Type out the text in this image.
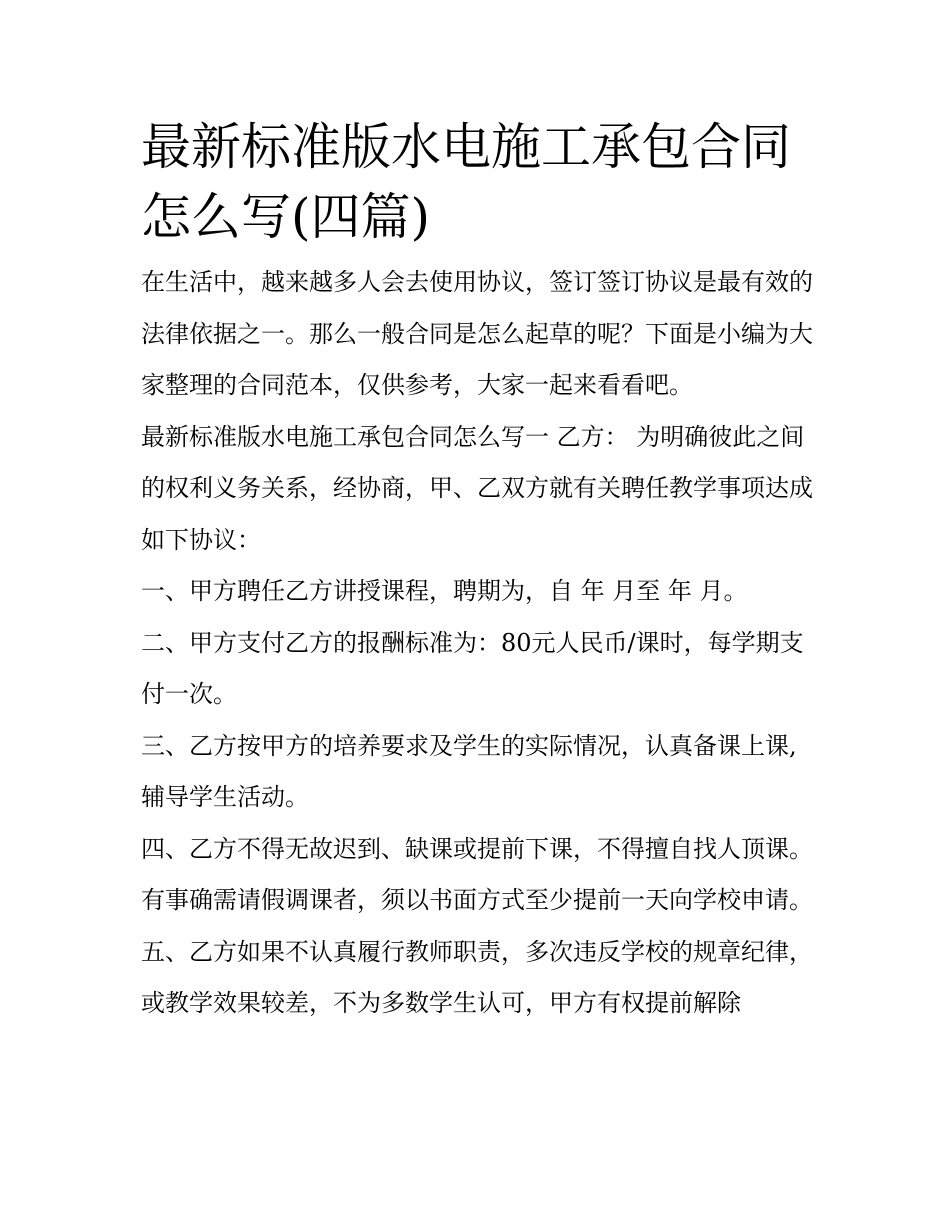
最新标准版水电施工承包合同怎么写(四篇)

在生活中，越来越多人会去使用协议，签订签订协议是最有效的法律依据之一。那么一般合同是怎么起草的呢？下面是小编为大家整理的合同范本，仅供参考，大家一起来看看吧。

最新标准版水电施工承包合同怎么写一 乙方： 为明确彼此之间的权利义务关系，经协商，甲、乙双方就有关聘任教学事项达成如下协议：

一、甲方聘任乙方讲授课程，聘期为，自 年 月至 年 月。

二、甲方支付乙方的报酬标准为：80元人民币/课时，每学期支付一次。

三、乙方按甲方的培养要求及学生的实际情况，认真备课上课,辅导学生活动。

四、乙方不得无故迟到、缺课或提前下课，不得擅自找人顶课。有事确需请假调课者，须以书面方式至少提前一天向学校申请。

五、乙方如果不认真履行教师职责，多次违反学校的规章纪律，或教学效果较差，不为多数学生认可，甲方有权提前解除
